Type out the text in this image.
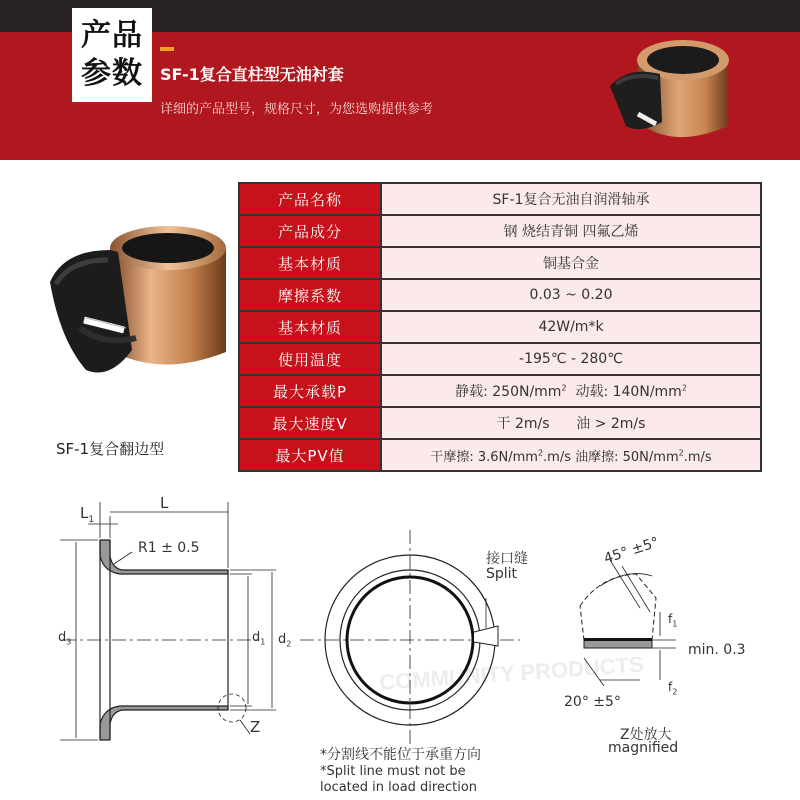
产品
参数 SF-1复合直柱型无油衬套
详细的产品型号，规格尺寸，为您选购提供参考
SF-1复合翻边型
产品名称	SF-1复合无油自润滑轴承
产品成分	钢 烧结青铜 四氟乙烯
基本材质	铜基合金
摩擦系数	0.03 ~ 0.20
基本材质	42W/m*k
使用温度	-195℃ - 280℃
最大承载P	静载: $250N/mm^2$ 动载: $140N/mm^2$
最大速度V	干 2m/s      油 > 2m/s
最大PV值	干摩擦: $3.6N/mm^2.m/s$ 油摩擦: $50N/mm^2.m/s$
COMMUNITY PRODUCTS
$L_1$
L
R1 ± 0.5
$d_3$	$d_1$ $d_2$
Z
接口缝
Split
*分割线不能位于承重方向
*Split line must not be
located in load direction
45° ±5°
$f_1$
min. 0.3
$f_2$
20° ±5°
Z处放大
magnified
